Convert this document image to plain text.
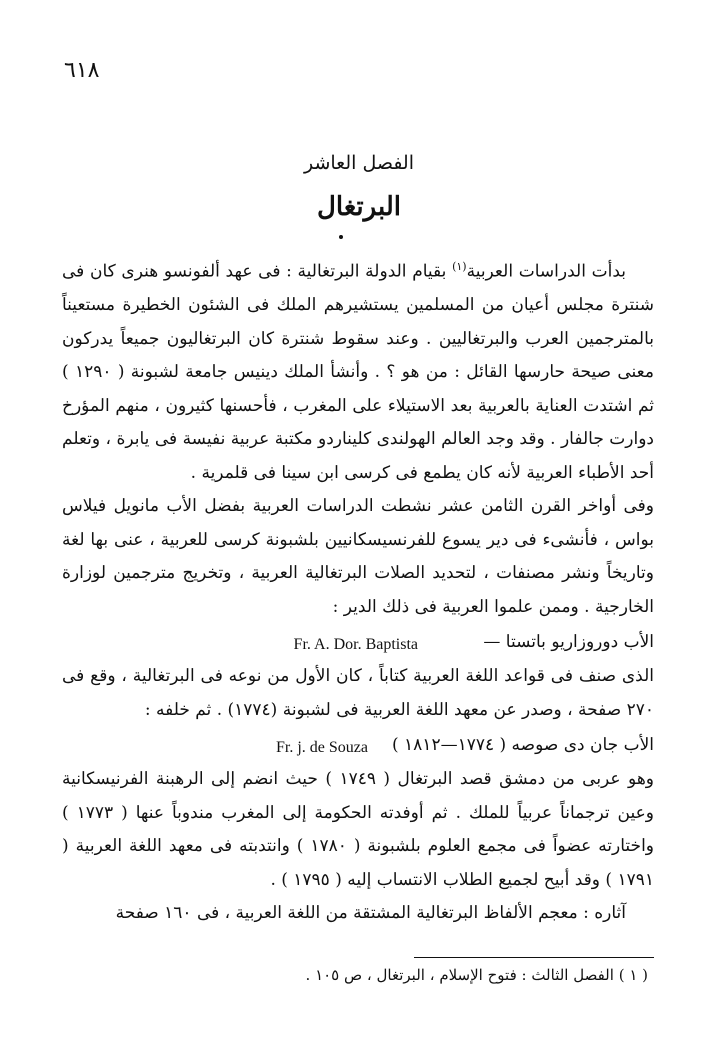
٦١٨
الفصل العاشر
البرتغال

بدأت الدراسات العربية$^{(١)}$ بقيام الدولة البرتغالية : فى عهد ألفونسو هنرى كان فى شنترة مجلس أعيان من المسلمين يستشيرهم الملك فى الشئون الخطيرة مستعيناً بالمترجمين العرب والبرتغاليين . وعند سقوط شنترة كان البرتغاليون جميعاً يدركون معنى صيحة حارسها القائل : من هو ؟ . وأنشأ الملك دينيس جامعة لشبونة ( ١٢٩٠ ) ثم اشتدت العناية بالعربية بعد الاستيلاء على المغرب ، فأحسنها كثيرون ، منهم المؤرخ دوارت جالفار . وقد وجد العالم الهولندى كليناردو مكتبة عربية نفيسة فى يابرة ، وتعلم أحد الأطباء العربية لأنه كان يطمع فى كرسى ابن سينا فى قلمرية .

وفى أواخر القرن الثامن عشر نشطت الدراسات العربية بفضل الأب مانويل فيلاس بواس ، فأنشىء فى دير يسوع للفرنسيسكانيين بلشبونة كرسى للعربية ، عنى بها لغة وتاريخاً ونشر مصنفات ، لتحديد الصلات البرتغالية العربية ، وتخريج مترجمين لوزارة الخارجية . وممن علموا العربية فى ذلك الدير :

الأب دوروزاريو باتستا —
Fr. A. Dor. Baptista

الذى صنف فى قواعد اللغة العربية كتاباً ، كان الأول من نوعه فى البرتغالية ، وقع فى ٢٧٠ صفحة ، وصدر عن معهد اللغة العربية فى لشبونة (١٧٧٤) . ثم خلفه :

الأب جان دى صوصه ( ١٧٧٤—١٨١٢ )
Fr. j. de Souza

وهو عربى من دمشق قصد البرتغال ( ١٧٤٩ ) حيث انضم إلى الرهبنة الفرنيسكانية وعين ترجماناً عربياً للملك . ثم أوفدته الحكومة إلى المغرب مندوباً عنها ( ١٧٧٣ ) واختارته عضواً فى مجمع العلوم بلشبونة ( ١٧٨٠ ) وانتدبته فى معهد اللغة العربية ( ١٧٩١ ) وقد أبيح لجميع الطلاب الانتساب إليه ( ١٧٩٥ ) .

آثاره : معجم الألفاظ البرتغالية المشتقة من اللغة العربية ، فى ١٦٠ صفحة

( ١ ) الفصل الثالث : فتوح الإسلام ، البرتغال ، ص ١٠٥ .
